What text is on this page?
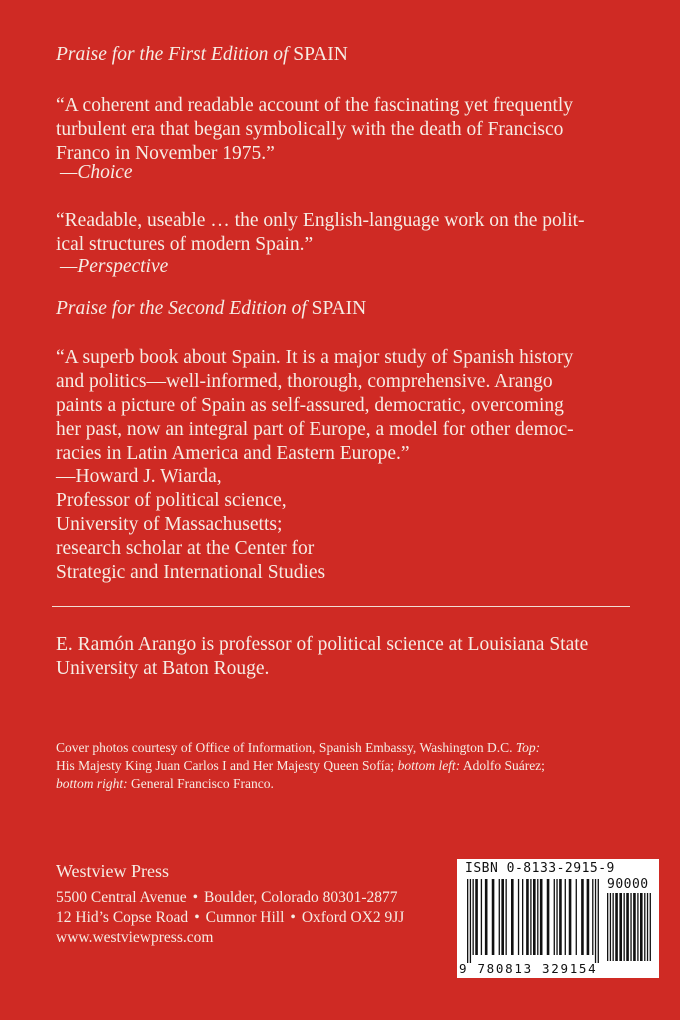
Praise for the First Edition of SPAIN
“A coherent and readable account of the fascinating yet frequently
turbulent era that began symbolically with the death of Francisco
Franco in November 1975.”
—Choice
“Readable, useable … the only English-language work on the polit-
ical structures of modern Spain.”
—Perspective
Praise for the Second Edition of SPAIN
“A superb book about Spain. It is a major study of Spanish history
and politics—well-informed, thorough, comprehensive. Arango
paints a picture of Spain as self-assured, democratic, overcoming
her past, now an integral part of Europe, a model for other democ-
racies in Latin America and Eastern Europe.”
—Howard J. Wiarda,
Professor of political science,
University of Massachusetts;
research scholar at the Center for
Strategic and International Studies
E. Ramón Arango is professor of political science at Louisiana State
University at Baton Rouge.
Cover photos courtesy of Office of Information, Spanish Embassy, Washington D.C. Top:
His Majesty King Juan Carlos I and Her Majesty Queen Sofía; bottom left: Adolfo Suárez;
bottom right: General Francisco Franco.
Westview Press
5500 Central Avenue • Boulder, Colorado 80301-2877
12 Hid’s Copse Road • Cumnor Hill • Oxford OX2 9JJ
www.westviewpress.com
ISBN 0-8133-2915-9
90000
9 780813 329154
